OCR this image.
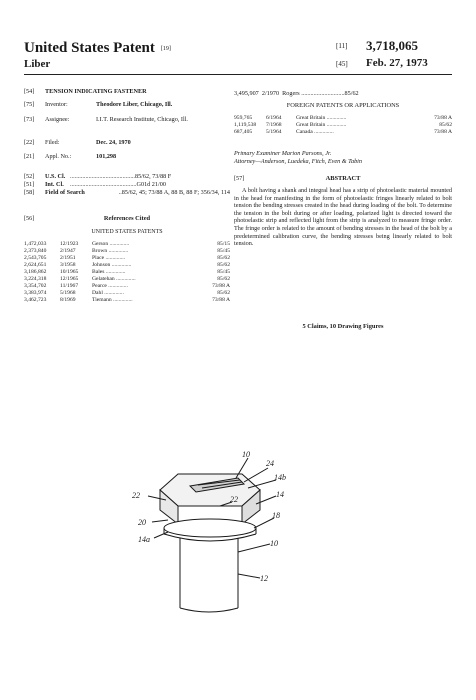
United States Patent [19]
Liber
[11] 3,718,065
[45] Feb. 27, 1973
[54]	TENSION INDICATING FASTENER
[75]	Inventor:	Theodore Liber, Chicago, Ill.
[73]	Assignee:	I.I.T. Research Institute, Chicago, Ill.
[22]	Filed:	Dec. 24, 1970
[21]	Appl. No.:	101,298
[52]	U.S. Cl. ..........................................85/62, 73/88 F
[51]	Int. Cl. ...........................................G01d 21/00
[58]	Field of Search	..85/62, 45; 73/88 A, 88 B, 88 F; 356/34, 114
[56]	References Cited
UNITED STATES PATENTS
1,472,033	12/1923	Gerson ..............	85/15
2,373,840	2/1947	Brown ..............	85/45
2,543,705	2/1951	Place ..............	85/62
2,624,651	3/1958	Johnson ..............	85/62
3,186,862	10/1965	Bales ..............	85/45
3,224,318	12/1965	Gelatehan ..............	85/62
3,354,702	11/1967	Pearce ..............	73/88 A
3,383,974	5/1968	Dahl ..............	85/62
3,462,723	8/1969	Tiemann ..............	73/88 A
3,495,907 2/1970 Rogers ............................85/62
FOREIGN PATENTS OR APPLICATIONS
959,765	6/1964	Great Britain ..............	73/88 A
1,119,538	7/1968	Great Britain ..............	85/62
687,405	5/1964	Canada ..............	73/88 A
Primary Examiner Marion Parsons, Jr.
Attorney—Anderson, Luedeka, Fitch, Even & Tabin
[57]	ABSTRACT
A bolt having a shank and integral head has a strip of photoelastic material mounted in the head for manifesting in the form of photoelastic fringes linearly related to bolt tension the bending stresses created in the head during loading of the bolt. To determine the tension in the bolt during or after loading, polarized light is directed toward the photoelastic strip and reflected light from the strip is analyzed to measure fringe order. The fringe order is related to the amount of bending stresses in the head of the bolt by a predetermined calibration curve, the bending stresses being linearly related to bolt tension.
5 Claims, 10 Drawing Figures
10
24
14b
14
22	22
18
20
14a	10
12
